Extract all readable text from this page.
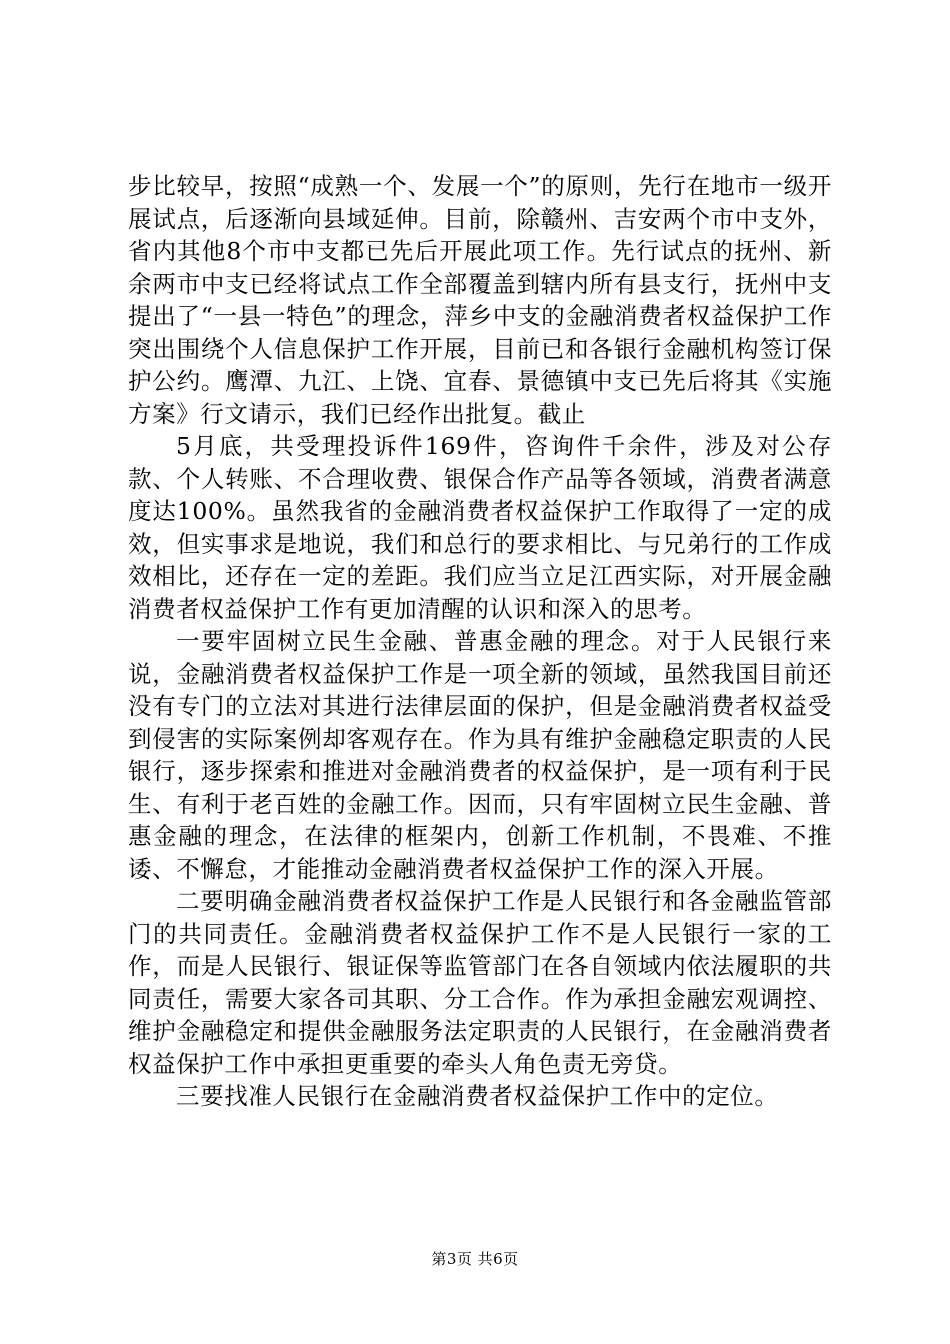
步比较早，按照“成熟一个、发展一个”的原则，先行在地市一级开展试点，后逐渐向县域延伸。目前，除赣州、吉安两个市中支外，省内其他8个市中支都已先后开展此项工作。先行试点的抚州、新余两市中支已经将试点工作全部覆盖到辖内所有县支行，抚州中支提出了“一县一特色”的理念，萍乡中支的金融消费者权益保护工作突出围绕个人信息保护工作开展，目前已和各银行金融机构签订保护公约。鹰潭、九江、上饶、宜春、景德镇中支已先后将其《实施方案》行文请示，我们已经作出批复。截止

5月底，共受理投诉件169件，咨询件千余件，涉及对公存款、个人转账、不合理收费、银保合作产品等各领域，消费者满意度达100%。虽然我省的金融消费者权益保护工作取得了一定的成效，但实事求是地说，我们和总行的要求相比、与兄弟行的工作成效相比，还存在一定的差距。我们应当立足江西实际，对开展金融消费者权益保护工作有更加清醒的认识和深入的思考。

一要牢固树立民生金融、普惠金融的理念。对于人民银行来说，金融消费者权益保护工作是一项全新的领域，虽然我国目前还没有专门的立法对其进行法律层面的保护，但是金融消费者权益受到侵害的实际案例却客观存在。作为具有维护金融稳定职责的人民银行，逐步探索和推进对金融消费者的权益保护，是一项有利于民生、有利于老百姓的金融工作。因而，只有牢固树立民生金融、普惠金融的理念，在法律的框架内，创新工作机制，不畏难、不推诿、不懈怠，才能推动金融消费者权益保护工作的深入开展。

二要明确金融消费者权益保护工作是人民银行和各金融监管部门的共同责任。金融消费者权益保护工作不是人民银行一家的工作，而是人民银行、银证保等监管部门在各自领域内依法履职的共同责任，需要大家各司其职、分工合作。作为承担金融宏观调控、维护金融稳定和提供金融服务法定职责的人民银行，在金融消费者权益保护工作中承担更重要的牵头人角色责无旁贷。

三要找准人民银行在金融消费者权益保护工作中的定位。

第3页 共6页
